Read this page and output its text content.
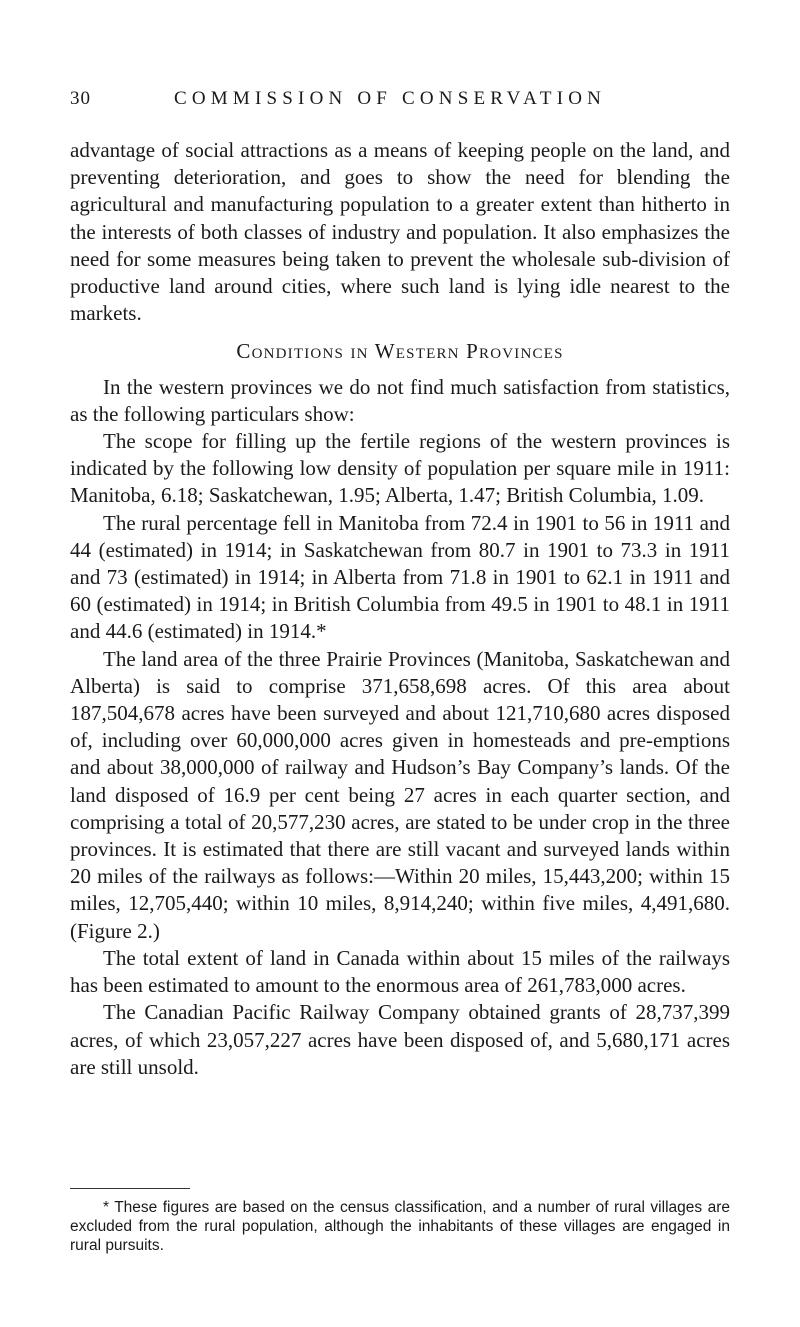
30	COMMISSION OF CONSERVATION

advantage of social attractions as a means of keeping people on the land, and preventing deterioration, and goes to show the need for blending the agricultural and manufacturing population to a greater extent than hitherto in the interests of both classes of industry and population. It also emphasizes the need for some measures being taken to prevent the wholesale sub-division of productive land around cities, where such land is lying idle nearest to the markets.

Conditions in Western Provinces

In the western provinces we do not find much satisfaction from statistics, as the following particulars show:

The scope for filling up the fertile regions of the western provinces is indicated by the following low density of population per square mile in 1911: Manitoba, 6.18; Saskatchewan, 1.95; Alberta, 1.47; British Columbia, 1.09.

The rural percentage fell in Manitoba from 72.4 in 1901 to 56 in 1911 and 44 (estimated) in 1914; in Saskatchewan from 80.7 in 1901 to 73.3 in 1911 and 73 (estimated) in 1914; in Alberta from 71.8 in 1901 to 62.1 in 1911 and 60 (estimated) in 1914; in British Columbia from 49.5 in 1901 to 48.1 in 1911 and 44.6 (estimated) in 1914.*

The land area of the three Prairie Provinces (Manitoba, Saskatchewan and Alberta) is said to comprise 371,658,698 acres. Of this area about 187,504,678 acres have been surveyed and about 121,710,680 acres disposed of, including over 60,000,000 acres given in homesteads and pre-emptions and about 38,000,000 of railway and Hudson’s Bay Company’s lands. Of the land disposed of 16.9 per cent being 27 acres in each quarter section, and comprising a total of 20,577,230 acres, are stated to be under crop in the three provinces. It is estimated that there are still vacant and surveyed lands within 20 miles of the railways as follows:—Within 20 miles, 15,443,200; within 15 miles, 12,705,440; within 10 miles, 8,914,240; within five miles, 4,491,680. (Figure 2.)

The total extent of land in Canada within about 15 miles of the railways has been estimated to amount to the enormous area of 261,783,000 acres.

The Canadian Pacific Railway Company obtained grants of 28,737,399 acres, of which 23,057,227 acres have been disposed of, and 5,680,171 acres are still unsold.

* These figures are based on the census classification, and a number of rural villages are excluded from the rural population, although the inhabitants of these villages are engaged in rural pursuits.
